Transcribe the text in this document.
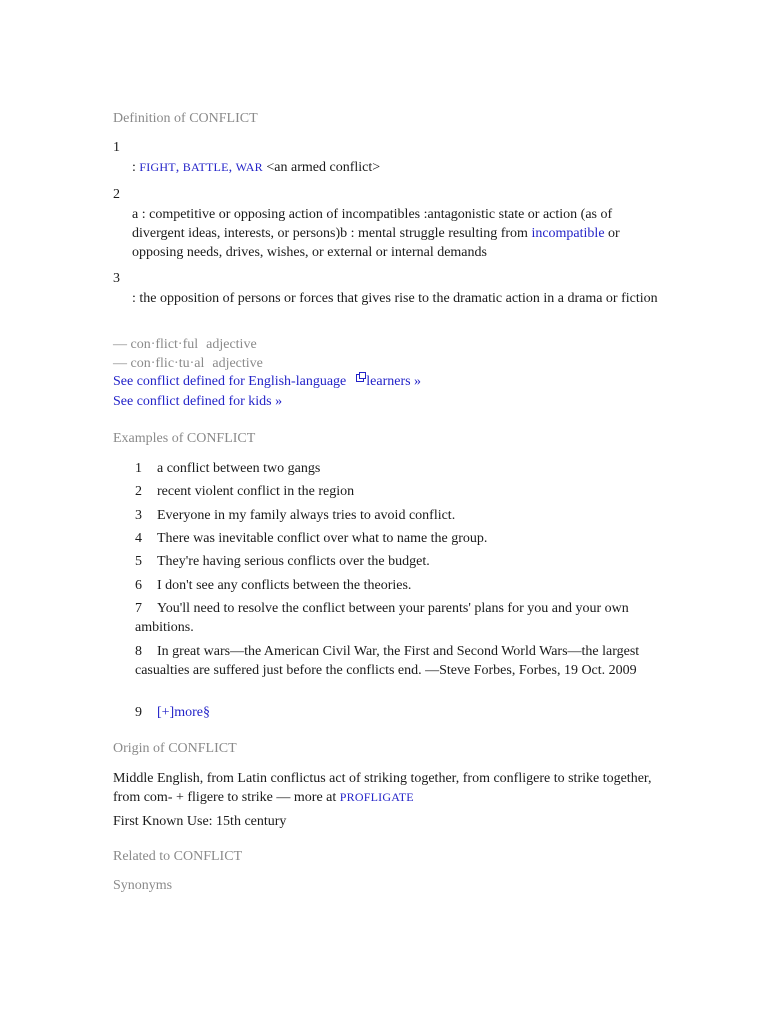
Definition of CONFLICT
1
: FIGHT, BATTLE, WAR <an armed conflict>
2
a : competitive or opposing action of incompatibles :antagonistic state or action (as of divergent ideas, interests, or persons)b : mental struggle resulting from incompatible or opposing needs, drives, wishes, or external or internal demands
3
: the opposition of persons or forces that gives rise to the dramatic action in a drama or fiction
— con·flict·ful adjective
— con·flic·tu·al adjective
See conflict defined for English-language learners »
See conflict defined for kids »
Examples of CONFLICT
1 a conflict between two gangs
2 recent violent conflict in the region
3 Everyone in my family always tries to avoid conflict.
4 There was inevitable conflict over what to name the group.
5 They're having serious conflicts over the budget.
6 I don't see any conflicts between the theories.
7 You'll need to resolve the conflict between your parents' plans for you and your own ambitions.
8 In great wars—the American Civil War, the First and Second World Wars—the largest casualties are suffered just before the conflicts end. —Steve Forbes, Forbes, 19 Oct. 2009
9 [+]more§
Origin of CONFLICT
Middle English, from Latin conflictus act of striking together, from confligere to strike together, from com- + fligere to strike — more at PROFLIGATE
First Known Use: 15th century
Related to CONFLICT
Synonyms
